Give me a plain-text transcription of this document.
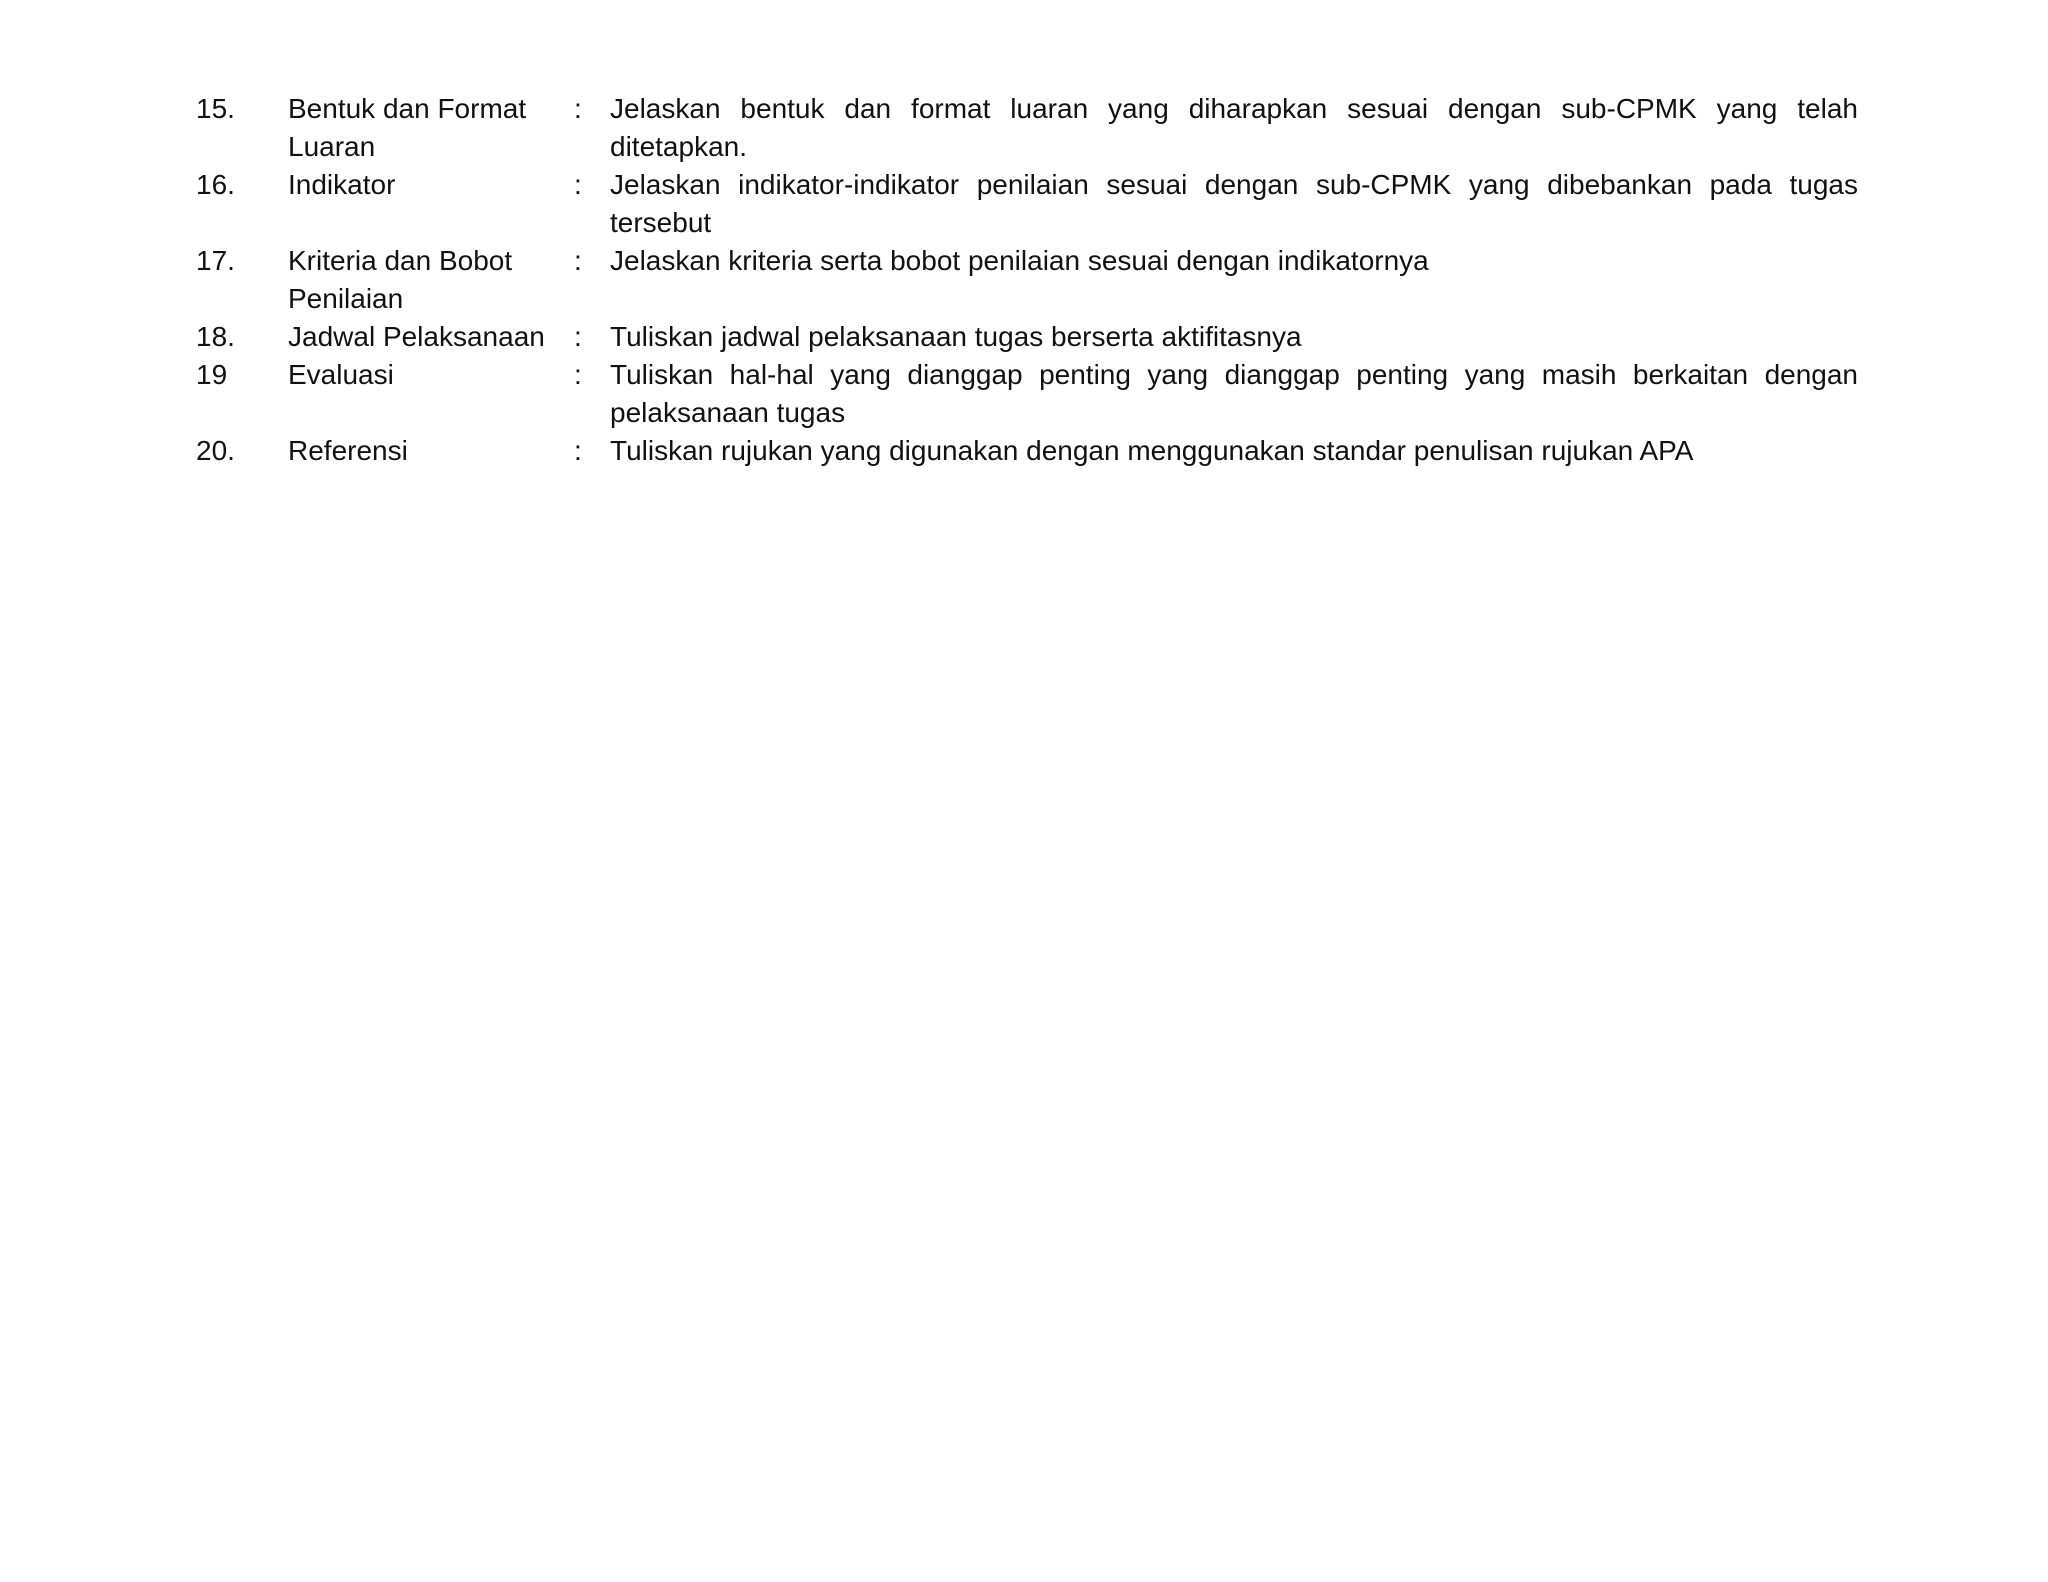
15.	Bentuk dan Format Luaran	:	Jelaskan bentuk dan format luaran yang diharapkan sesuai dengan sub-CPMK yang telah ditetapkan.
16.	Indikator	:	Jelaskan indikator-indikator penilaian sesuai dengan sub-CPMK yang dibebankan pada tugas tersebut
17.	Kriteria dan Bobot Penilaian	:	Jelaskan kriteria serta bobot penilaian sesuai dengan indikatornya
18.	Jadwal Pelaksanaan	:	Tuliskan jadwal pelaksanaan tugas berserta aktifitasnya
19	Evaluasi	:	Tuliskan hal-hal yang dianggap penting yang dianggap penting yang masih berkaitan dengan pelaksanaan tugas
20.	Referensi	:	Tuliskan rujukan yang digunakan dengan menggunakan standar penulisan rujukan APA
